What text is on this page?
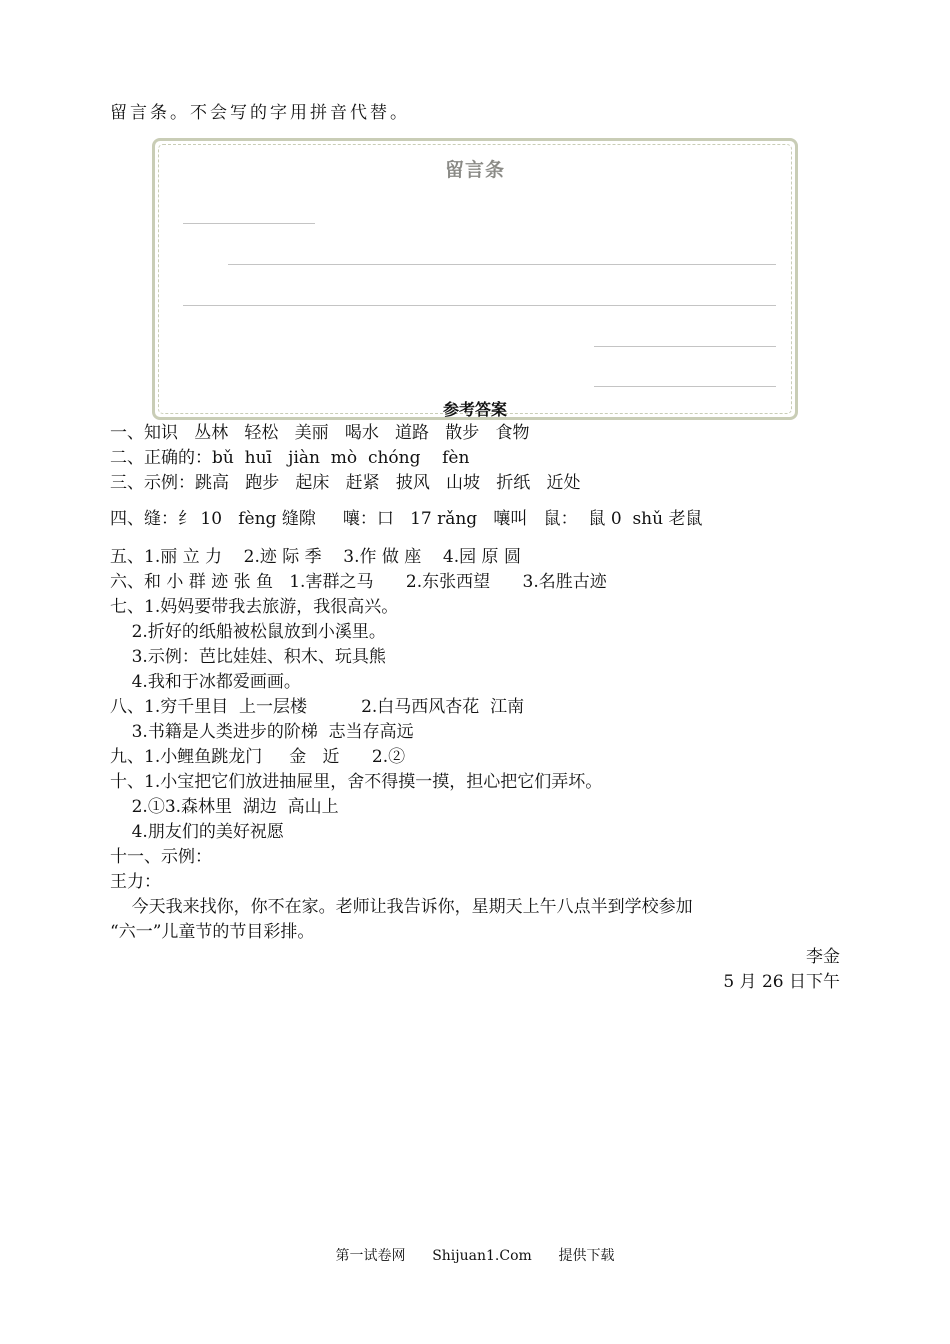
留言条。不会写的字用拼音代替。
留言条
参考答案
一、知识   丛林   轻松   美丽   喝水   道路   散步   食物
二、正确的：bǔ  huī   jiàn  mò  chóng    fèn
三、示例：跳高   跑步   起床   赶紧   披风   山坡   折纸   近处
四、缝：纟 10   fèng 缝隙     嚷：口   17 rǎng   嚷叫   鼠：  鼠 0  shǔ 老鼠
五、1.丽 立 力    2.迹 际 季    3.作 做 座    4.园 原 圆
六、和 小 群 迹 张 鱼   1.害群之马      2.东张西望      3.名胜古迹
七、1.妈妈要带我去旅游，我很高兴。
2.折好的纸船被松鼠放到小溪里。
3.示例：芭比娃娃、积木、玩具熊
4.我和于冰都爱画画。
八、1.穷千里目  上一层楼          2.白马西风杏花  江南
3.书籍是人类进步的阶梯  志当存高远
九、1.小鲤鱼跳龙门     金   近      2.②
十、1.小宝把它们放进抽屉里，舍不得摸一摸，担心把它们弄坏。
2.①3.森林里  湖边  高山上
4.朋友们的美好祝愿
十一、示例：
王力：
今天我来找你，你不在家。老师让我告诉你，星期天上午八点半到学校参加
“六一”儿童节的节目彩排。
李金
5 月 26 日下午
第一试卷网      Shijuan1.Com      提供下载
